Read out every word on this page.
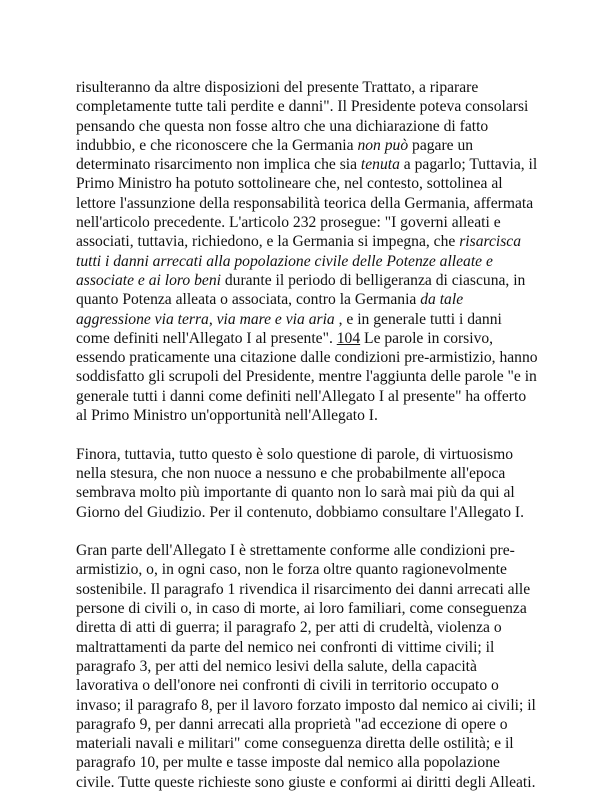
risulteranno da altre disposizioni del presente Trattato, a riparare completamente tutte tali perdite e danni". Il Presidente poteva consolarsi pensando che questa non fosse altro che una dichiarazione di fatto indubbio, e che riconoscere che la Germania non può pagare un determinato risarcimento non implica che sia tenuta a pagarlo; Tuttavia, il Primo Ministro ha potuto sottolineare che, nel contesto, sottolinea al lettore l'assunzione della responsabilità teorica della Germania, affermata nell'articolo precedente. L'articolo 232 prosegue: "I governi alleati e associati, tuttavia, richiedono, e la Germania si impegna, che risarcisca tutti i danni arrecati alla popolazione civile delle Potenze alleate e associate e ai loro beni durante il periodo di belligeranza di ciascuna, in quanto Potenza alleata o associata, contro la Germania da tale aggressione via terra, via mare e via aria , e in generale tutti i danni come definiti nell'Allegato I al presente". 104 Le parole in corsivo, essendo praticamente una citazione dalle condizioni pre-armistizio, hanno soddisfatto gli scrupoli del Presidente, mentre l'aggiunta delle parole "e in generale tutti i danni come definiti nell'Allegato I al presente" ha offerto al Primo Ministro un'opportunità nell'Allegato I.

Finora, tuttavia, tutto questo è solo questione di parole, di virtuosismo nella stesura, che non nuoce a nessuno e che probabilmente all'epoca sembrava molto più importante di quanto non lo sarà mai più da qui al Giorno del Giudizio. Per il contenuto, dobbiamo consultare l'Allegato I.

Gran parte dell'Allegato I è strettamente conforme alle condizioni pre-armistizio, o, in ogni caso, non le forza oltre quanto ragionevolmente sostenibile. Il paragrafo 1 rivendica il risarcimento dei danni arrecati alle persone di civili o, in caso di morte, ai loro familiari, come conseguenza diretta di atti di guerra; il paragrafo 2, per atti di crudeltà, violenza o maltrattamenti da parte del nemico nei confronti di vittime civili; il paragrafo 3, per atti del nemico lesivi della salute, della capacità lavorativa o dell'onore nei confronti di civili in territorio occupato o invaso; il paragrafo 8, per il lavoro forzato imposto dal nemico ai civili; il paragrafo 9, per danni arrecati alla proprietà "ad eccezione di opere o materiali navali e militari" come conseguenza diretta delle ostilità; e il paragrafo 10, per multe e tasse imposte dal nemico alla popolazione civile. Tutte queste richieste sono giuste e conformi ai diritti degli Alleati.
